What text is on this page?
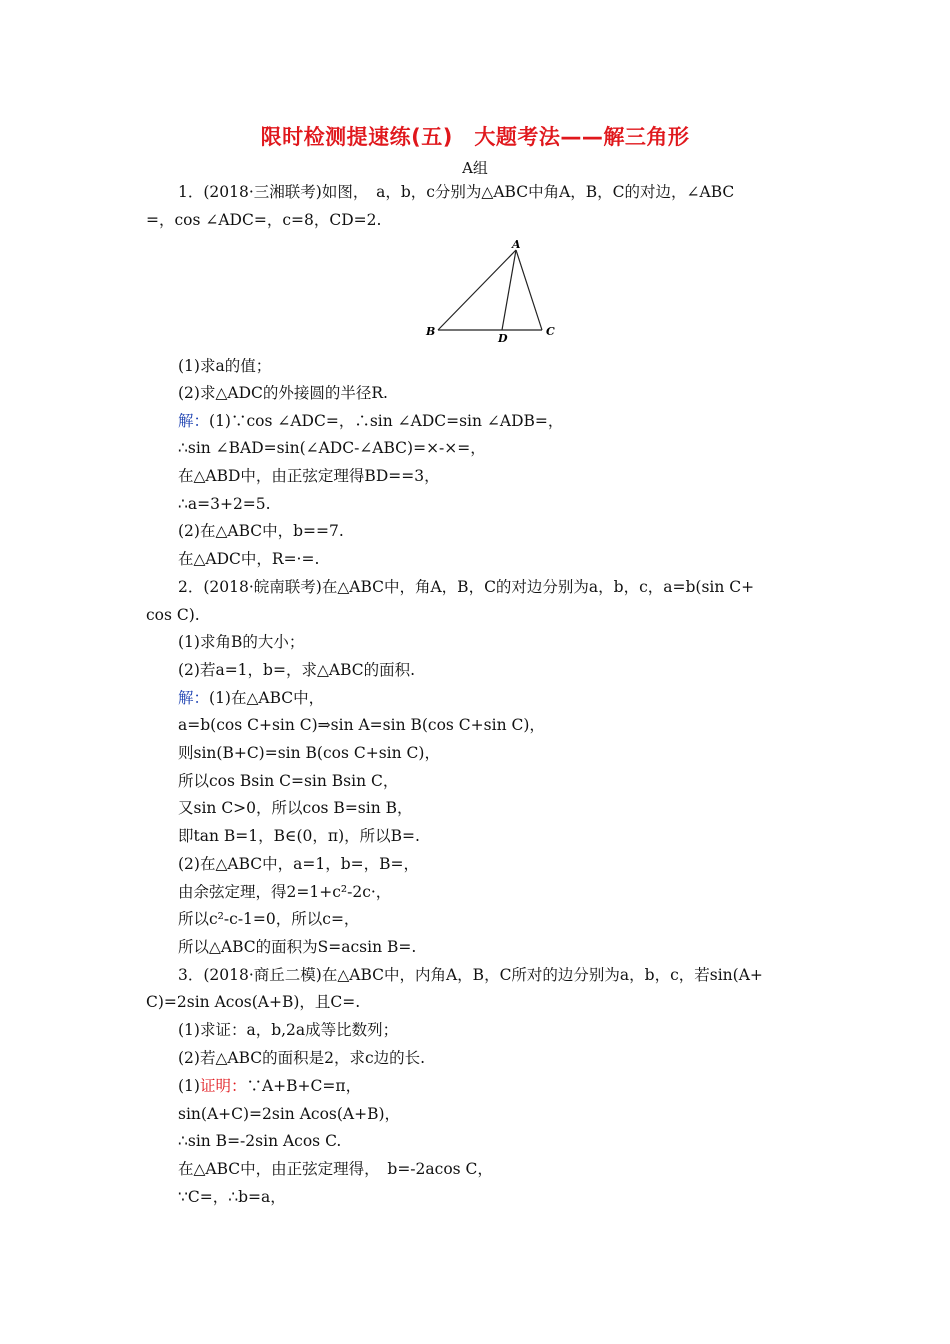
限时检测提速练(五)　大题考法——解三角形
A组
A
B
D
C
1．(2018·三湘联考)如图，　a，b，c分别为△ABC中角A，B，C的对边，∠ABC
=，cos ∠ADC=，c=8，CD=2.
(1)求a的值；
(2)求△ADC的外接圆的半径R.
解：(1)∵cos ∠ADC=，∴sin ∠ADC=sin ∠ADB=，
∴sin ∠BAD=sin(∠ADC-∠ABC)=×-×=，
在△ABD中，由正弦定理得BD==3，
∴a=3+2=5.
(2)在△ABC中，b==7.
在△ADC中，R=·=.
2．(2018·皖南联考)在△ABC中，角A，B，C的对边分别为a，b，c，a=b(sin C+
cos C).
(1)求角B的大小；
(2)若a=1，b=，求△ABC的面积.
解：(1)在△ABC中，
a=b(cos C+sin C)⇒sin A=sin B(cos C+sin C)，
则sin(B+C)=sin B(cos C+sin C)，
所以cos Bsin C=sin Bsin C，
又sin C>0，所以cos B=sin B，
即tan B=1，B∈(0，π)，所以B=.
(2)在△ABC中，a=1，b=，B=，
由余弦定理，得2=1+c²-2c·，
所以c²-c-1=0，所以c=，
所以△ABC的面积为S=acsin B=.
3．(2018·商丘二模)在△ABC中，内角A，B，C所对的边分别为a，b，c，若sin(A+
C)=2sin Acos(A+B)，且C=.
(1)求证：a，b,2a成等比数列；
(2)若△ABC的面积是2，求c边的长.
(1)证明：∵A+B+C=π，
sin(A+C)=2sin Acos(A+B)，
∴sin B=-2sin Acos C.
在△ABC中，由正弦定理得，　b=-2acos C，
∵C=，∴b=a，
